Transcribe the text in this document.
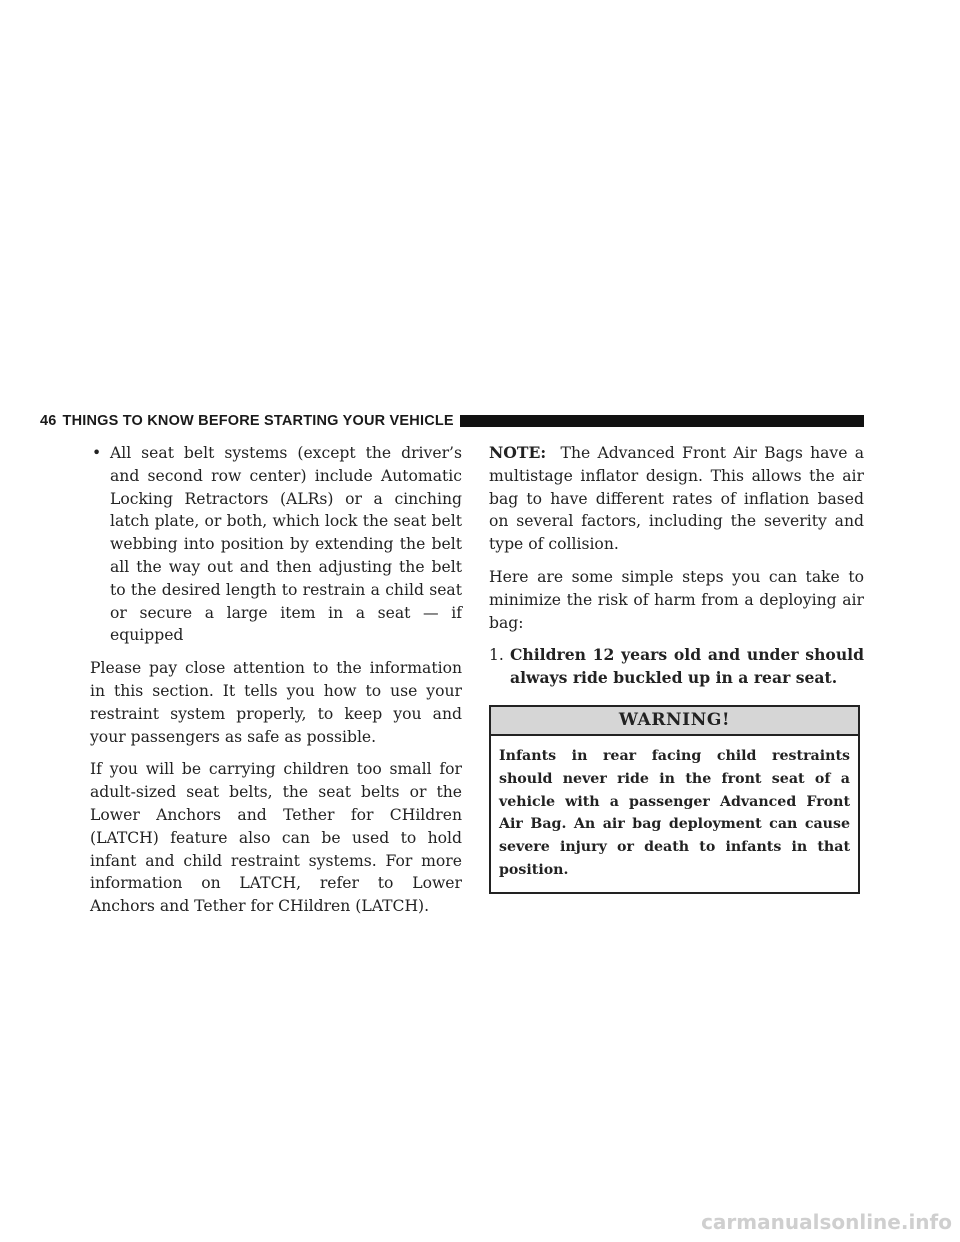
46 THINGS TO KNOW BEFORE STARTING YOUR VEHICLE
• All seat belt systems (except the driver’s and second row center) include Automatic Locking Retractors (ALRs) or a cinching latch plate, or both, which lock the seat belt webbing into position by extending the belt all the way out and then adjusting the belt to the desired length to restrain a child seat or secure a large item in a seat — if equipped

Please pay close attention to the information in this section. It tells you how to use your restraint system properly, to keep you and your passengers as safe as possible.

If you will be carrying children too small for adult-sized seat belts, the seat belts or the Lower Anchors and Tether for CHildren (LATCH) feature also can be used to hold infant and child restraint systems. For more information on LATCH, refer to Lower Anchors and Tether for CHildren (LATCH).

NOTE: The Advanced Front Air Bags have a multistage inflator design. This allows the air bag to have different rates of inflation based on several factors, including the severity and type of collision.

Here are some simple steps you can take to minimize the risk of harm from a deploying air bag:

1. Children 12 years old and under should always ride buckled up in a rear seat.
WARNING!
Infants in rear facing child restraints should never ride in the front seat of a vehicle with a passenger Advanced Front Air Bag. An air bag deployment can cause severe injury or death to infants in that position.
carmanualsonline.info
